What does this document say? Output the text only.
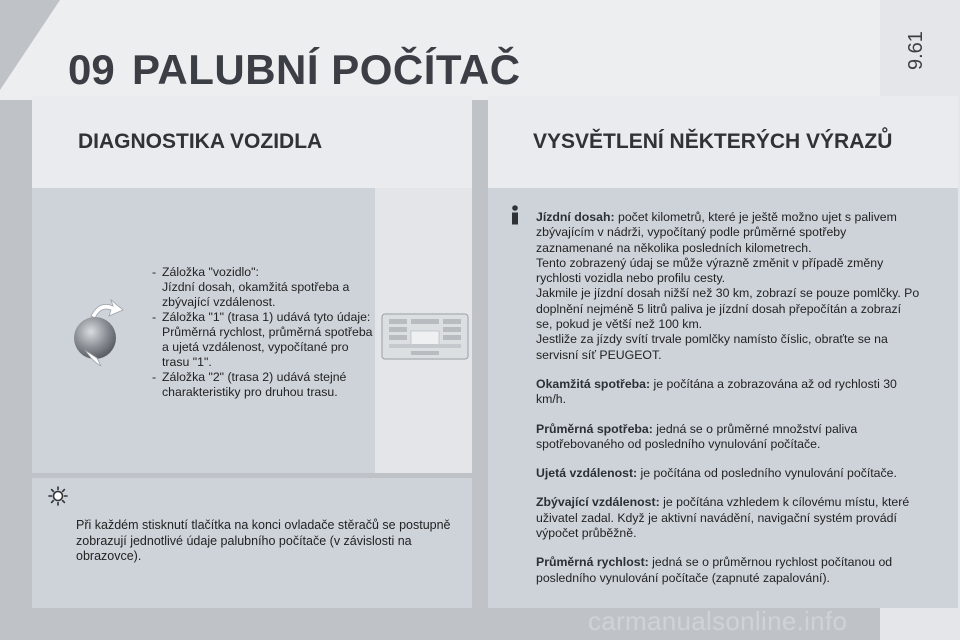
9.61
09 PALUBNÍ POČÍTAČ
DIAGNOSTIKA VOZIDLA	VYSVĚTLENÍ NĚKTERÝCH VÝRAZŮ
- Záložka "vozidlo":
Jízdní dosah, okamžitá spotřeba a zbývající vzdálenost.
- Záložka "1" (trasa 1) udává tyto údaje:
Průměrná rychlost, průměrná spotřeba a ujetá vzdálenost, vypočítané pro trasu "1".
- Záložka "2" (trasa 2) udává stejné charakteristiky pro druhou trasu.
Při každém stisknutí tlačítka na konci ovladače stěračů se postupně zobrazují jednotlivé údaje palubního počítače (v závislosti na obrazovce).

Jízdní dosah: počet kilometrů, které je ještě možno ujet s palivem zbývajícím v nádrži, vypočítaný podle průměrné spotřeby zaznamenané na několika posledních kilometrech.
Tento zobrazený údaj se může výrazně změnit v případě změny rychlosti vozidla nebo profilu cesty.
Jakmile je jízdní dosah nižší než 30 km, zobrazí se pouze pomlčky. Po doplnění nejméně 5 litrů paliva je jízdní dosah přepočítán a zobrazí se, pokud je větší než 100 km.
Jestliže za jízdy svítí trvale pomlčky namísto číslic, obraťte se na servisní síť PEUGEOT.

Okamžitá spotřeba: je počítána a zobrazována až od rychlosti 30 km/h.

Průměrná spotřeba: jedná se o průměrné množství paliva spotřebovaného od posledního vynulování počítače.

Ujetá vzdálenost: je počítána od posledního vynulování počítače.

Zbývající vzdálenost: je počítána vzhledem k cílovému místu, které uživatel zadal. Když je aktivní navádění, navigační systém provádí výpočet průběžně.

Průměrná rychlost: jedná se o průměrnou rychlost počítanou od posledního vynulování počítače (zapnuté zapalování).

carmanualsonline.info
